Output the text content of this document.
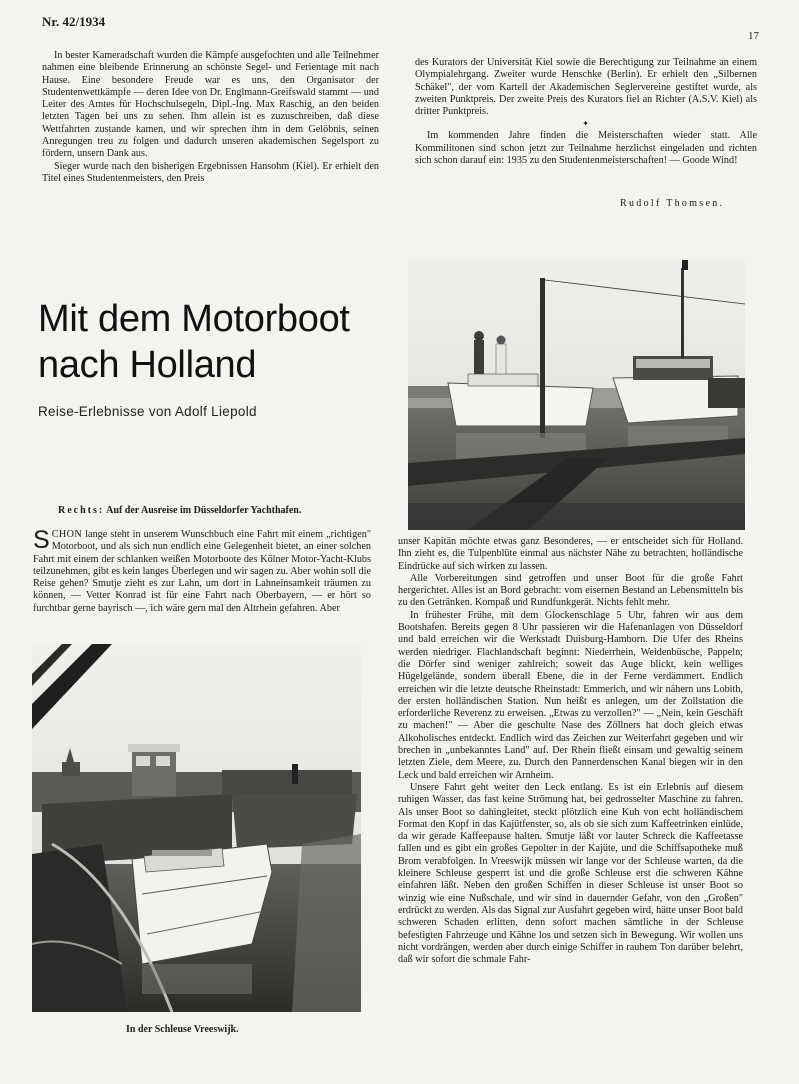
Nr. 42/1934
17

In bester Kameradschaft wurden die Kämpfe ausgefochten und alle Teilnehmer nahmen eine bleibende Erinnerung an schönste Segel- und Ferientage mit nach Hause. Eine besondere Freude war es uns, den Organisator der Studentenwettkämpfe — deren Idee von Dr. Englmann-Greifswald stammt — und Leiter des Amtes für Hochschulsegeln, Dipl.-Ing. Max Raschig, an den beiden letzten Tagen bei uns zu sehen. Ihm allein ist es zuzuschreiben, daß diese Wettfahrten zustande kamen, und wir sprechen ihm in dem Gelöbnis, seinen Anregungen treu zu folgen und dadurch unseren akademischen Segelsport zu fördern, unsern Dank aus.

Sieger wurde nach den bisherigen Ergebnissen Hansohm (Kiel). Er erhielt den Titel eines Studentenmeisters, den Preis

des Kurators der Universität Kiel sowie die Berechtigung zur Teilnahme an einem Olympialehrgang. Zweiter wurde Henschke (Berlin). Er erhielt den „Silbernen Schäkel", der vom Kartell der Akademischen Seglervereine gestiftet wurde, als zweiten Punktpreis. Der zweite Preis des Kurators fiel an Richter (A.S.V. Kiel) als dritter Punktpreis.

✦

Im kommenden Jahre finden die Meisterschaften wieder statt. Alle Kommilitonen sind schon jetzt zur Teilnahme herzlichst eingeladen und richten sich schon darauf ein: 1935 zu den Studentenmeisterschaften! — Goode Wind!

Rudolf Thomsen.
Mit dem Motorboot
nach Holland
Reise-Erlebnisse von Adolf Liepold
Rechts: Auf der Ausreise im Düsseldorfer Yachthafen.

SCHON lange steht in unserem Wunschbuch eine Fahrt mit einem „richtigen" Motorboot, und als sich nun endlich eine Gelegenheit bietet, an einer solchen Fahrt mit einem der schlanken weißen Motorboote des Kölner Motor-Yacht-Klubs teilzunehmen, gibt es kein langes Überlegen und wir sagen zu. Aber wohin soll die Reise gehen? Smutje zieht es zur Lahn, um dort in Lahneinsamkeit träumen zu können, — Vetter Konrad ist für eine Fahrt nach Oberbayern, — er hört so furchtbar gerne bayrisch —, ich wäre gern mal den Altrhein gefahren. Aber

In der Schleuse Vreeswijk.

unser Kapitän möchte etwas ganz Besonderes, — er entscheidet sich für Holland. Ihn zieht es, die Tulpenblüte einmal aus nächster Nähe zu betrachten, holländische Eindrücke auf sich wirken zu lassen.

Alle Vorbereitungen sind getroffen und unser Boot für die große Fahrt hergerichtet. Alles ist an Bord gebracht: vom eisernen Bestand an Lebensmitteln bis zu den Getränken. Kompaß und Rundfunkgerät. Nichts fehlt mehr.

In frühester Frühe, mit dem Glockenschlage 5 Uhr, fahren wir aus dem Bootshafen. Bereits gegen 8 Uhr passieren wir die Hafenanlagen von Düsseldorf und bald erreichen wir die Werkstadt Duisburg-Hamborn. Die Ufer des Rheins werden niedriger. Flachlandschaft beginnt: Niederrhein, Weidenbüsche, Pappeln; die Dörfer sind weniger zahlreich; soweit das Auge blickt, kein welliges Hügelgelände, sondern überall Ebene, die in der Ferne verdämmert. Endlich erreichen wir die letzte deutsche Rheinstadt: Emmerich, und wir nähern uns Lobith, der ersten holländischen Station. Nun heißt es anlegen, um der Zollstation die erforderliche Reverenz zu erweisen. „Etwas zu verzollen?" — „Nein, kein Geschäft zu machen!" — Aber die geschulte Nase des Zöllners hat doch gleich etwas Alkoholisches entdeckt. Endlich wird das Zeichen zur Weiterfahrt gegeben und wir brechen in „unbekanntes Land" auf. Der Rhein fließt einsam und gewaltig seinem letzten Ziele, dem Meere, zu. Durch den Pannerdenschen Kanal biegen wir in den Leck und bald erreichen wir Arnheim.

Unsere Fahrt geht weiter den Leck entlang. Es ist ein Erlebnis auf diesem ruhigen Wasser, das fast keine Strömung hat, bei gedrosselter Maschine zu fahren. Als unser Boot so dahingleitet, steckt plötzlich eine Kuh von echt holländischem Format den Kopf in das Kajütfenster, so, als ob sie sich zum Kaffeetrinken einlüde, da wir gerade Kaffeepause halten. Smutje läßt vor lauter Schreck die Kaffeetasse fallen und es gibt ein großes Gepolter in der Kajüte, und die Schiffsapotheke muß Brom verabfolgen. In Vreeswijk müssen wir lange vor der Schleuse warten, da die kleinere Schleuse gesperrt ist und die große Schleuse erst die schweren Kähne einfahren läßt. Neben den großen Schiffen in dieser Schleuse ist unser Boot so winzig wie eine Nußschale, und wir sind in dauernder Gefahr, von den „Großen" erdrückt zu werden. Als das Signal zur Ausfahrt gegeben wird, hätte unser Boot bald schweren Schaden erlitten, denn sofort machen sämtliche in der Schleuse befestigten Fahrzeuge und Kähne los und setzen sich in Bewegung. Wir wollen uns nicht vordrängen, werden aber durch einige Schiffer in rauhem Ton darüber belehrt, daß wir sofort die schmale Fahr-
